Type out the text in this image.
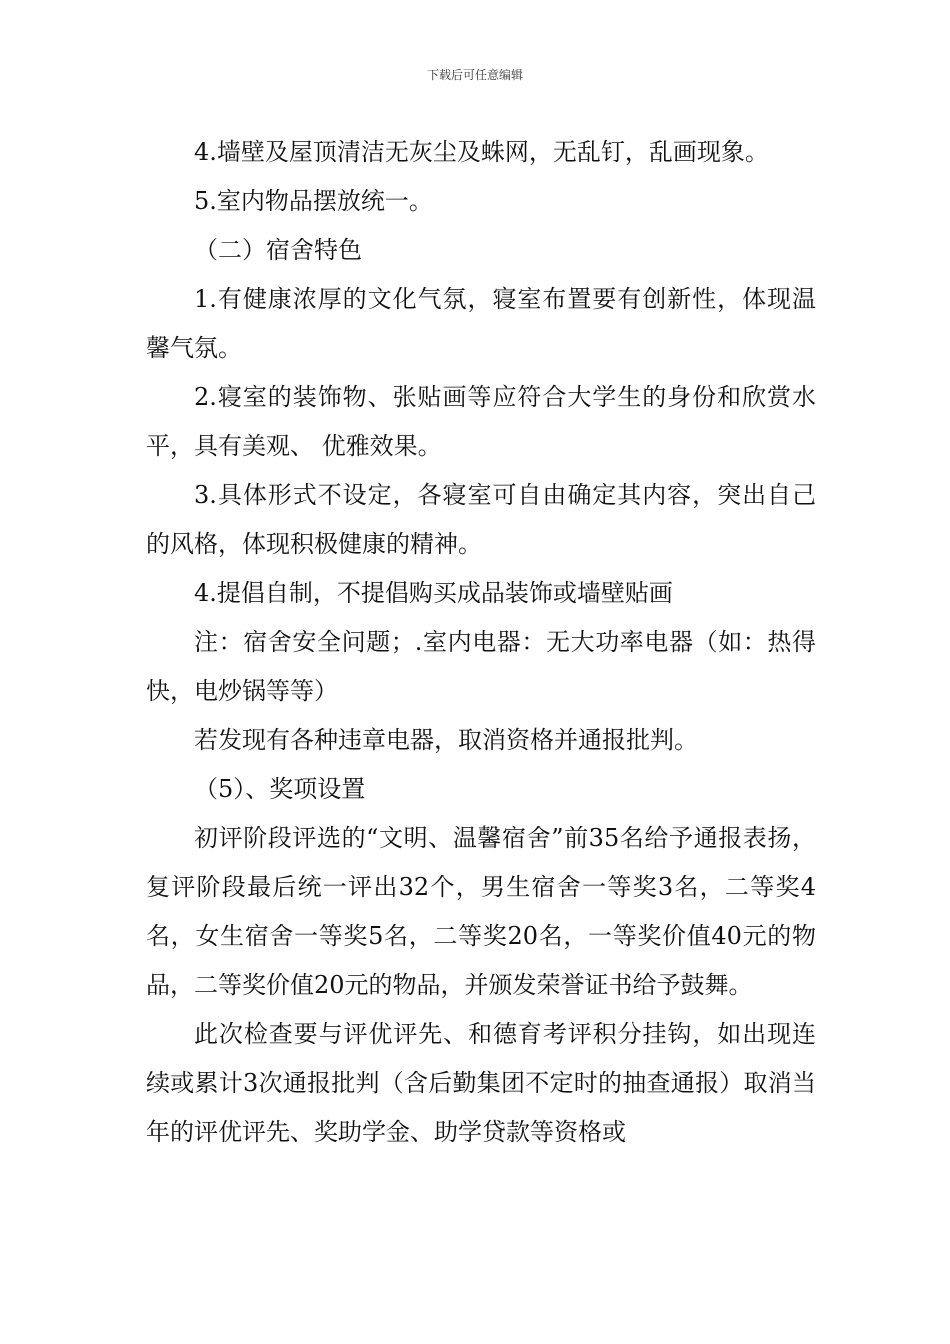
下载后可任意编辑

4.墙壁及屋顶清洁无灰尘及蛛网，无乱钉，乱画现象。

5.室内物品摆放统一。

（二）宿舍特色

1.有健康浓厚的文化气氛，寝室布置要有创新性，体现温馨气氛。

2.寝室的装饰物、张贴画等应符合大学生的身份和欣赏水平，具有美观、 优雅效果。

3.具体形式不设定，各寝室可自由确定其内容，突出自己的风格，体现积极健康的精神。

4.提倡自制，不提倡购买成品装饰或墙壁贴画

注：宿舍安全问题；.室内电器：无大功率电器（如：热得快，电炒锅等等）

若发现有各种违章电器，取消资格并通报批判。

（5）、奖项设置

初评阶段评选的“文明、温馨宿舍”前35名给予通报表扬，复评阶段最后统一评出32个，男生宿舍一等奖3名，二等奖4名，女生宿舍一等奖5名，二等奖20名，一等奖价值40元的物品，二等奖价值20元的物品，并颁发荣誉证书给予鼓舞。

此次检查要与评优评先、和德育考评积分挂钩，如出现连续或累计3次通报批判（含后勤集团不定时的抽查通报）取消当年的评优评先、奖助学金、助学贷款等资格或
